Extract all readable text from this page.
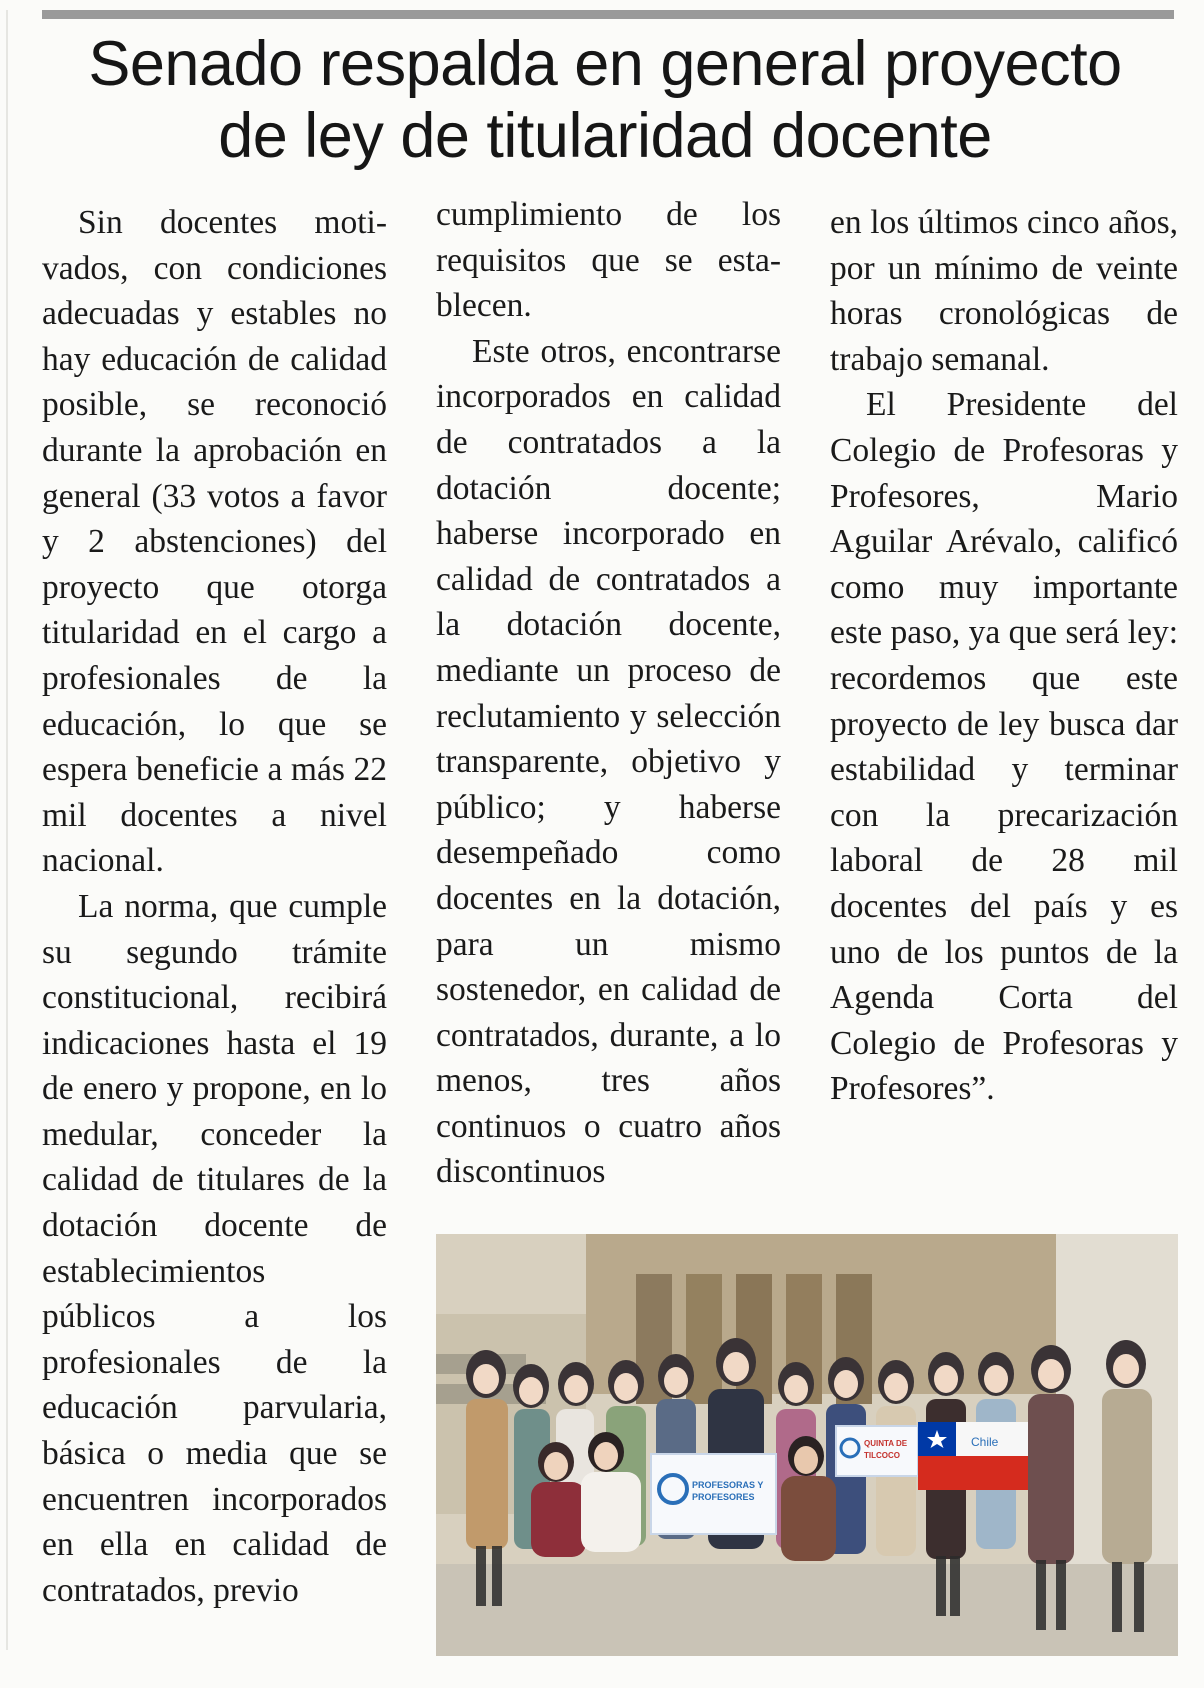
Senado respalda en general proyecto
de ley de titularidad docente

Sin docentes motivados, con condiciones adecuadas y estables no hay educación de calidad posible, se reconoció durante la aprobación en general (33 votos a favor y 2 abstenciones) del proyecto que otorga titularidad en el cargo a profesionales de la educación, lo que se espera beneficie a más 22 mil docentes a nivel nacional.

La norma, que cumple su segundo trámite constitucional, recibirá indicaciones hasta el 19 de enero y propone, en lo medular, conceder la calidad de titulares de la dotación docente de establecimientos públicos a los profesionales de la educación parvularia, básica o media que se encuentren incorporados en ella en calidad de contratados, previo

cumplimiento de los requisitos que se establecen.

Este otros, encontrarse incorporados en calidad de contratados a la dotación docente; haberse incorporado en calidad de contratados a la dotación docente, mediante un proceso de reclutamiento y selección transparente, objetivo y público; y haberse desempeñado como docentes en la dotación, para un mismo sostenedor, en calidad de contratados, durante, a lo menos, tres años continuos o cuatro años discontinuos

en los últimos cinco años, por un mínimo de veinte horas cronológicas de trabajo semanal.

El Presidente del Colegio de Profesoras y Profesores, Mario Aguilar Arévalo, calificó como muy importante este paso, ya que será ley: recordemos que este proyecto de ley busca dar estabilidad y terminar con la precarización laboral de 28 mil docentes del país y es uno de los puntos de la Agenda Corta del Colegio de Profesoras y Profesores”.

PROFESORAS Y
PROFESORES
QUINTA DE
TILCOCO
Chile
